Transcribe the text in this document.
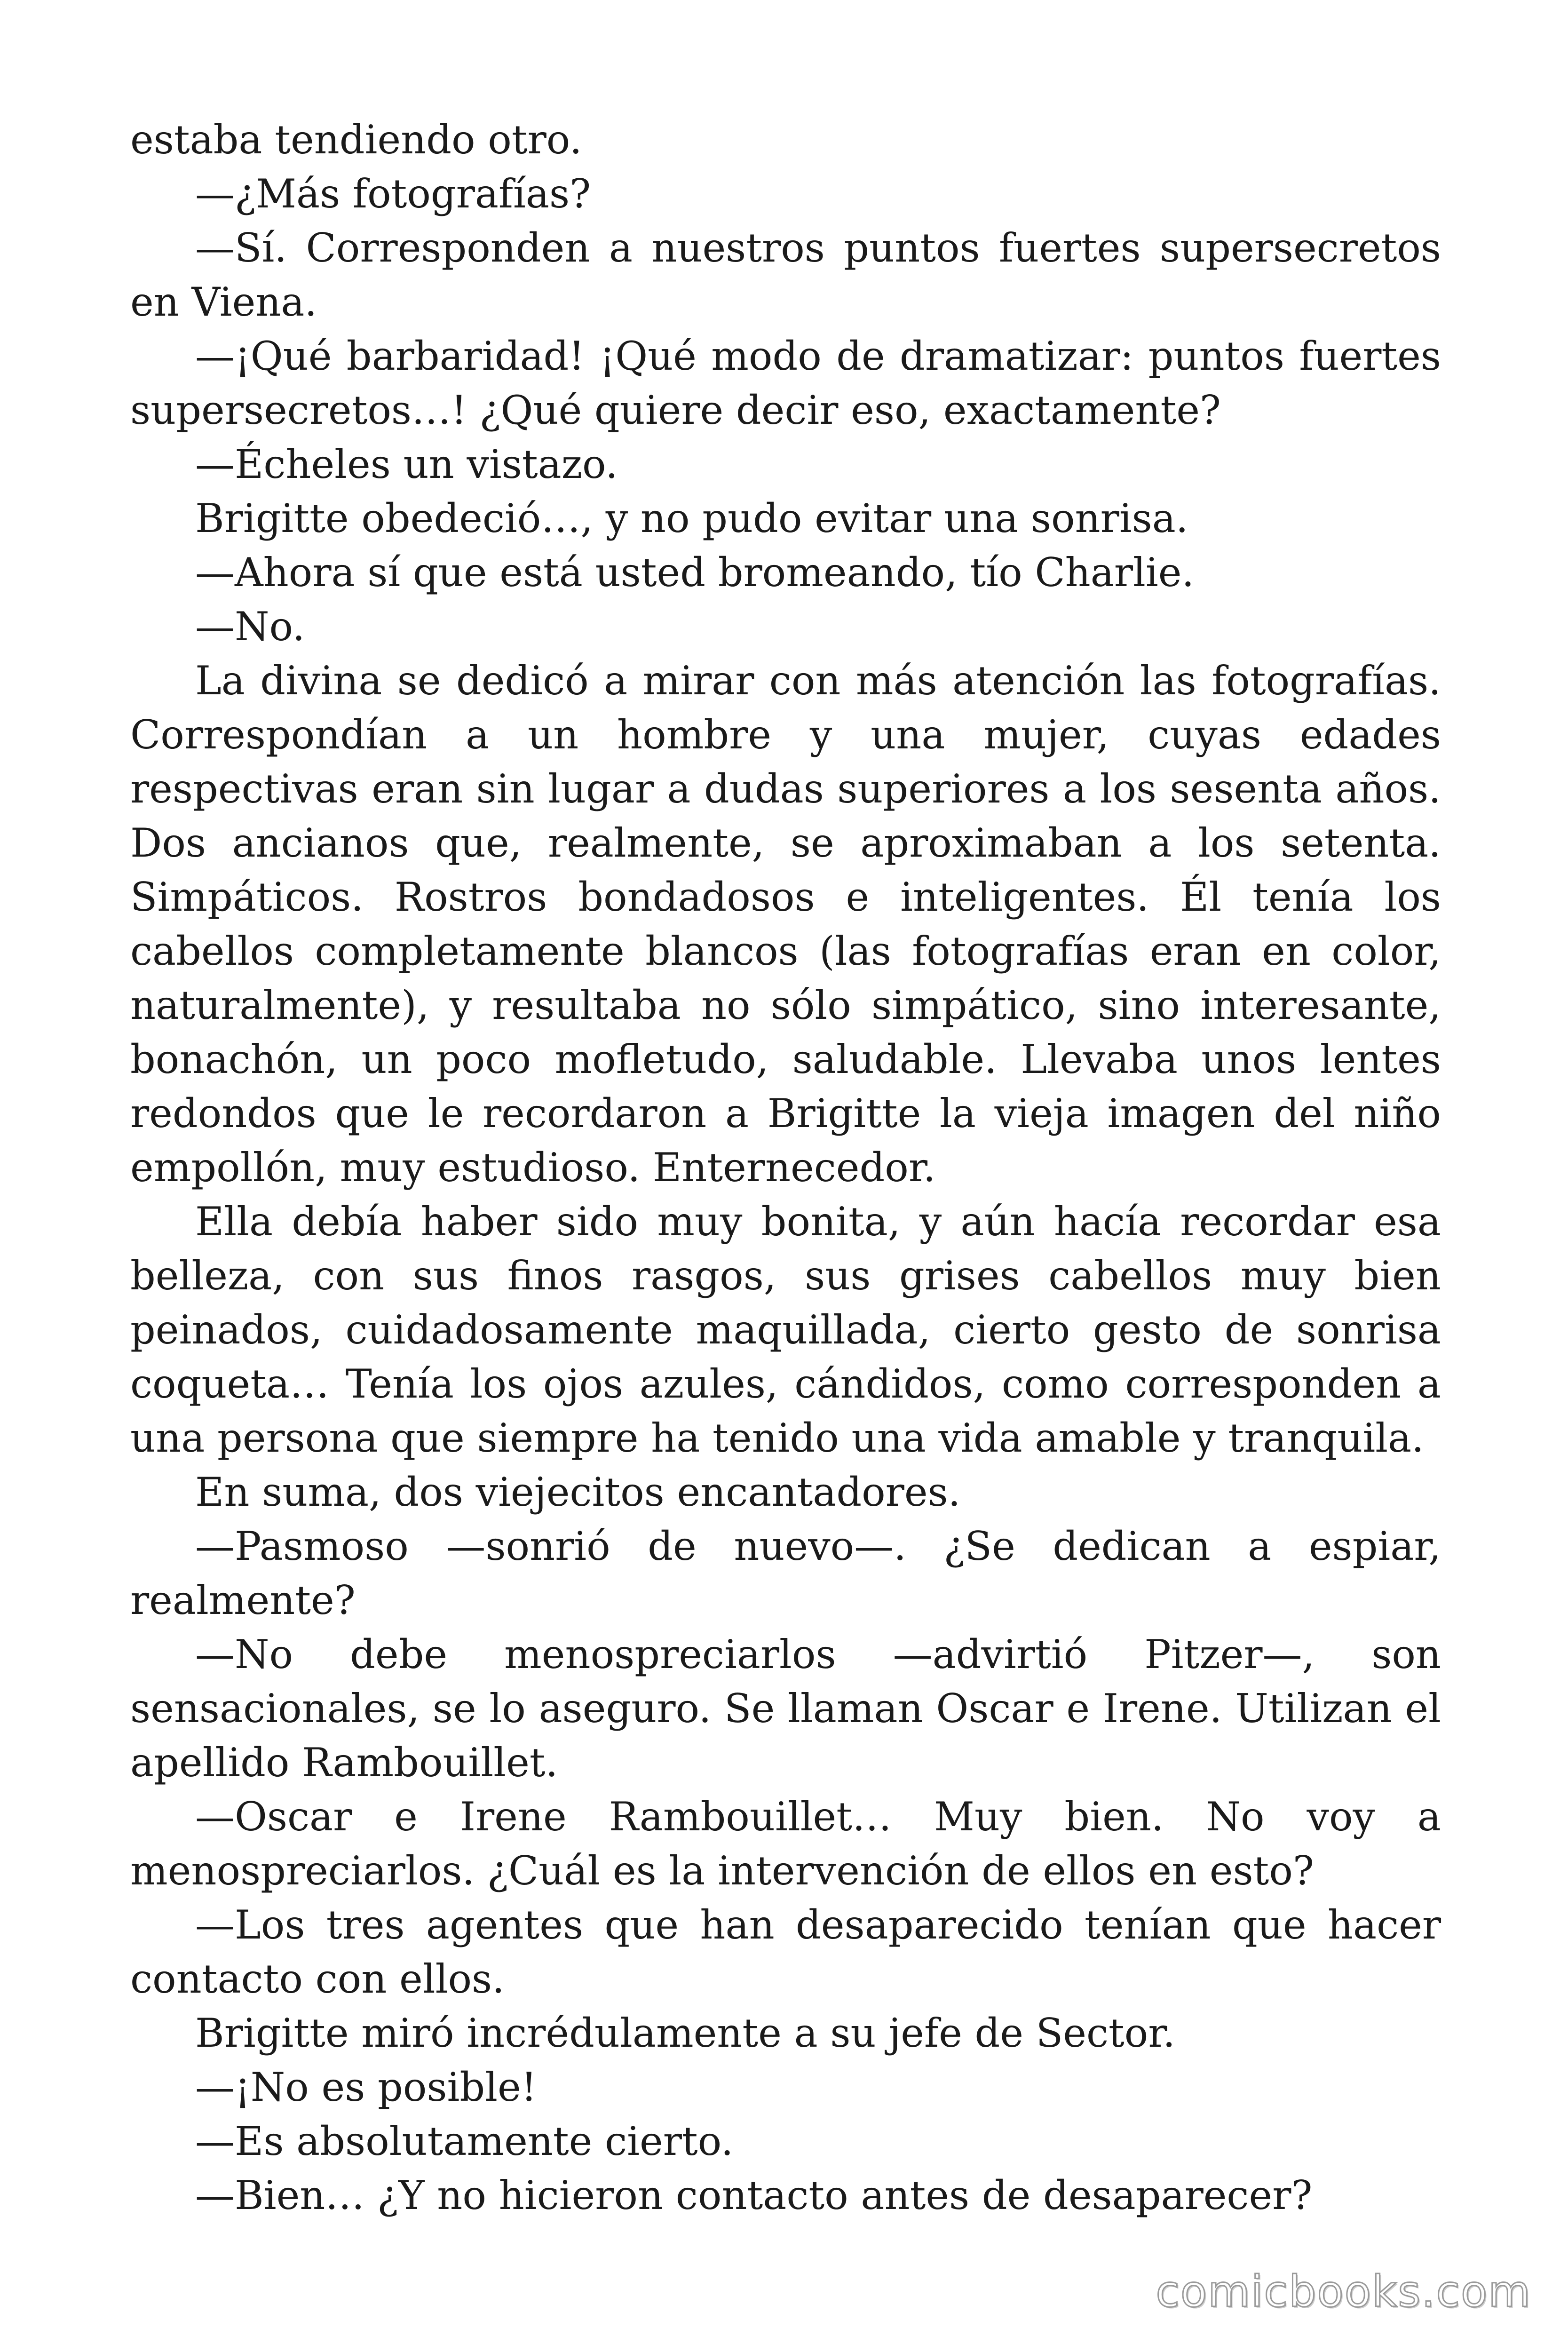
estaba tendiendo otro.

—¿Más fotografías?

—Sí. Corresponden a nuestros puntos fuertes supersecretos en Viena.

—¡Qué barbaridad! ¡Qué modo de dramatizar: puntos fuertes supersecretos…! ¿Qué quiere decir eso, exactamente?

—Écheles un vistazo.

Brigitte obedeció…, y no pudo evitar una sonrisa.

—Ahora sí que está usted bromeando, tío Charlie.

—No.

La divina se dedicó a mirar con más atención las fotografías. Correspondían a un hombre y una mujer, cuyas edades respectivas eran sin lugar a dudas superiores a los sesenta años. Dos ancianos que, realmente, se aproximaban a los setenta. Simpáticos. Rostros bondadosos e inteligentes. Él tenía los cabellos completamente blancos (las fotografías eran en color, naturalmente), y resultaba no sólo simpático, sino interesante, bonachón, un poco mofletudo, saludable. Llevaba unos lentes redondos que le recordaron a Brigitte la vieja imagen del niño empollón, muy estudioso. Enternecedor.

Ella debía haber sido muy bonita, y aún hacía recordar esa belleza, con sus finos rasgos, sus grises cabellos muy bien peinados, cuidadosamente maquillada, cierto gesto de sonrisa coqueta… Tenía los ojos azules, cándidos, como corresponden a una persona que siempre ha tenido una vida amable y tranquila.

En suma, dos viejecitos encantadores.

—Pasmoso —sonrió de nuevo—. ¿Se dedican a espiar, realmente?

—No debe menospreciarlos —advirtió Pitzer—, son sensacionales, se lo aseguro. Se llaman Oscar e Irene. Utilizan el apellido Rambouillet.

—Oscar e Irene Rambouillet… Muy bien. No voy a menospreciarlos. ¿Cuál es la intervención de ellos en esto?

—Los tres agentes que han desaparecido tenían que hacer contacto con ellos.

Brigitte miró incrédulamente a su jefe de Sector.

—¡No es posible!

—Es absolutamente cierto.

—Bien… ¿Y no hicieron contacto antes de desaparecer?

comicbooks.com
